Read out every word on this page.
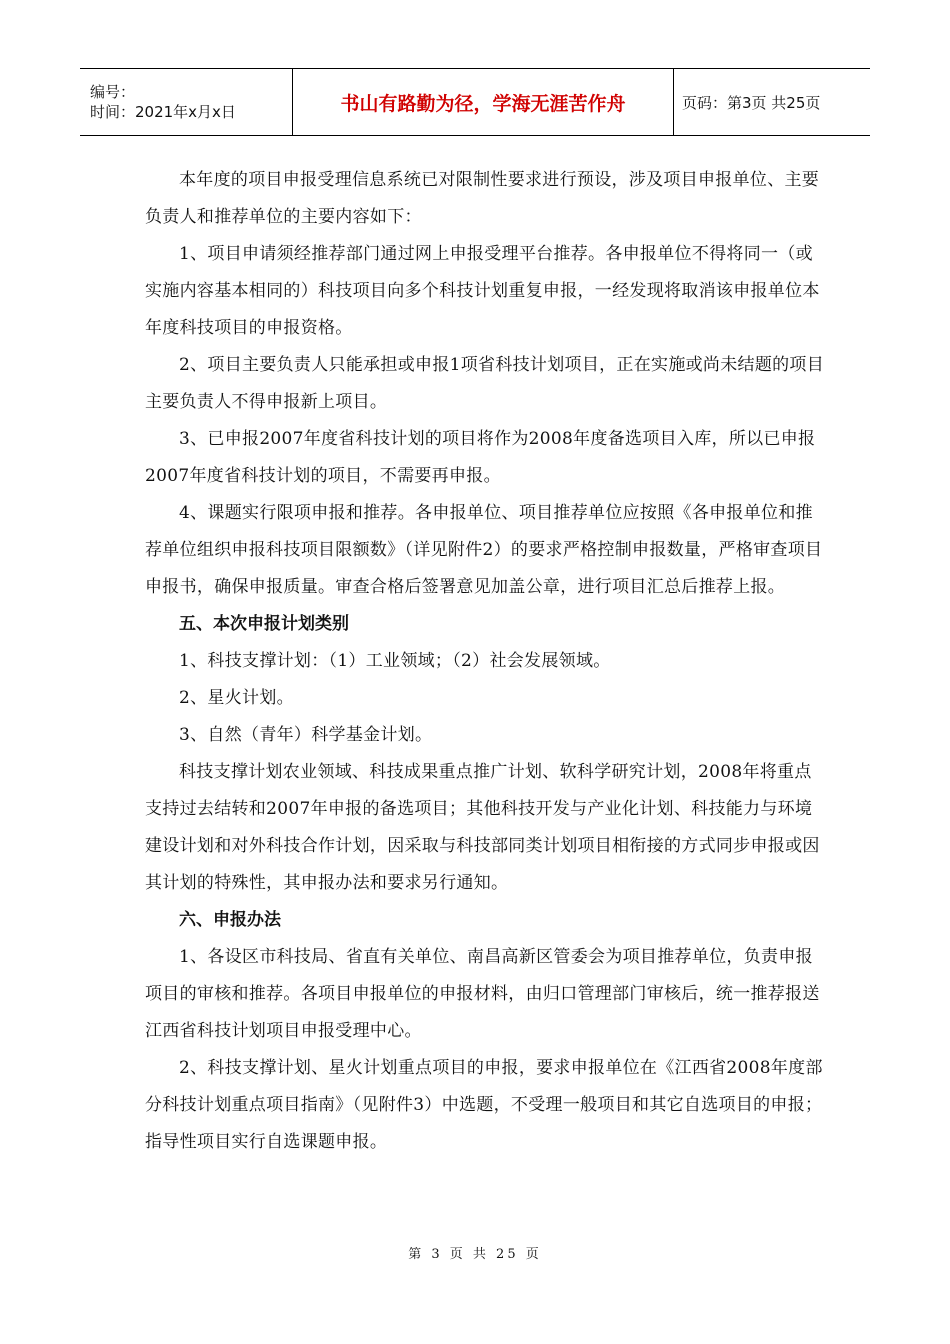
编号：
时间：2021年x月x日	书山有路勤为径，学海无涯苦作舟	页码：第3页 共25页

本年度的项目申报受理信息系统已对限制性要求进行预设，涉及项目申报单位、主要负责人和推荐单位的主要内容如下：

1、项目申请须经推荐部门通过网上申报受理平台推荐。各申报单位不得将同一（或实施内容基本相同的）科技项目向多个科技计划重复申报，一经发现将取消该申报单位本年度科技项目的申报资格。

2、项目主要负责人只能承担或申报1项省科技计划项目，正在实施或尚未结题的项目主要负责人不得申报新上项目。

3、已申报2007年度省科技计划的项目将作为2008年度备选项目入库，所以已申报2007年度省科技计划的项目，不需要再申报。

4、课题实行限项申报和推荐。各申报单位、项目推荐单位应按照《各申报单位和推荐单位组织申报科技项目限额数》（详见附件2）的要求严格控制申报数量，严格审查项目申报书，确保申报质量。审查合格后签署意见加盖公章，进行项目汇总后推荐上报。

五、本次申报计划类别

1、科技支撑计划：（1）工业领域；（2）社会发展领域。

2、星火计划。

3、自然（青年）科学基金计划。

科技支撑计划农业领域、科技成果重点推广计划、软科学研究计划，2008年将重点支持过去结转和2007年申报的备选项目；其他科技开发与产业化计划、科技能力与环境建设计划和对外科技合作计划，因采取与科技部同类计划项目相衔接的方式同步申报或因其计划的特殊性，其申报办法和要求另行通知。

六、申报办法

1、各设区市科技局、省直有关单位、南昌高新区管委会为项目推荐单位，负责申报项目的审核和推荐。各项目申报单位的申报材料，由归口管理部门审核后，统一推荐报送江西省科技计划项目申报受理中心。

2、科技支撑计划、星火计划重点项目的申报，要求申报单位在《江西省2008年度部分科技计划重点项目指南》（见附件3）中选题，不受理一般项目和其它自选项目的申报；指导性项目实行自选课题申报。

第 3 页 共 25 页
